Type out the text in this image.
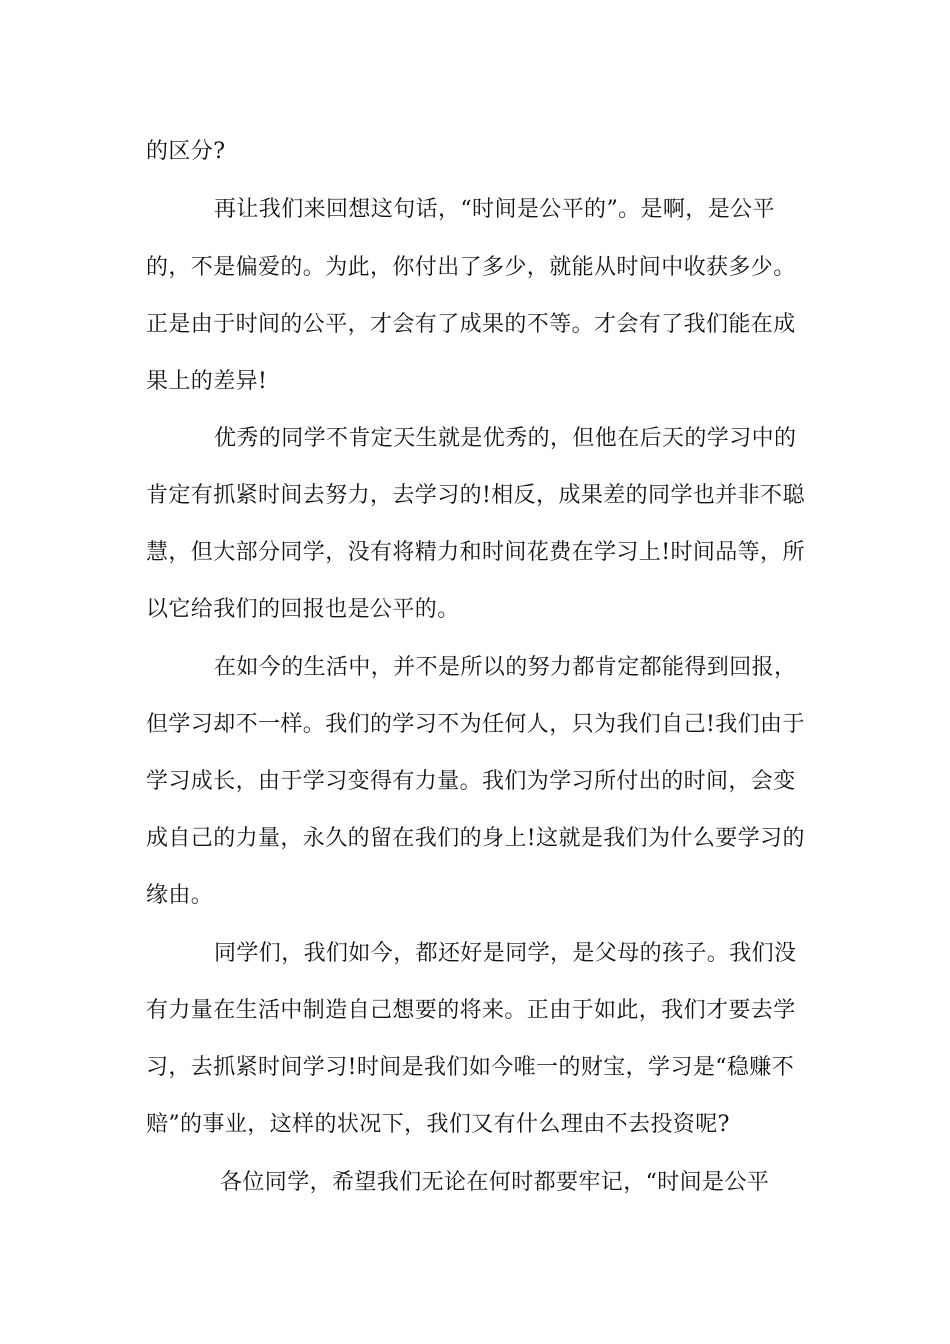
的区分?
再让我们来回想这句话，“时间是公平的”。是啊，是公平
的，不是偏爱的。为此，你付出了多少，就能从时间中收获多少。
正是由于时间的公平，才会有了成果的不等。才会有了我们能在成
果上的差异!
优秀的同学不肯定天生就是优秀的，但他在后天的学习中的
肯定有抓紧时间去努力，去学习的!相反，成果差的同学也并非不聪
慧，但大部分同学，没有将精力和时间花费在学习上!时间品等，所
以它给我们的回报也是公平的。
在如今的生活中，并不是所以的努力都肯定都能得到回报，
但学习却不一样。我们的学习不为任何人，只为我们自己!我们由于
学习成长，由于学习变得有力量。我们为学习所付出的时间，会变
成自己的力量，永久的留在我们的身上!这就是我们为什么要学习的
缘由。
同学们，我们如今，都还好是同学，是父母的孩子。我们没
有力量在生活中制造自己想要的将来。正由于如此，我们才要去学
习，去抓紧时间学习!时间是我们如今唯一的财宝，学习是“稳赚不
赔”的事业，这样的状况下，我们又有什么理由不去投资呢?
各位同学，希望我们无论在何时都要牢记，“时间是公平
